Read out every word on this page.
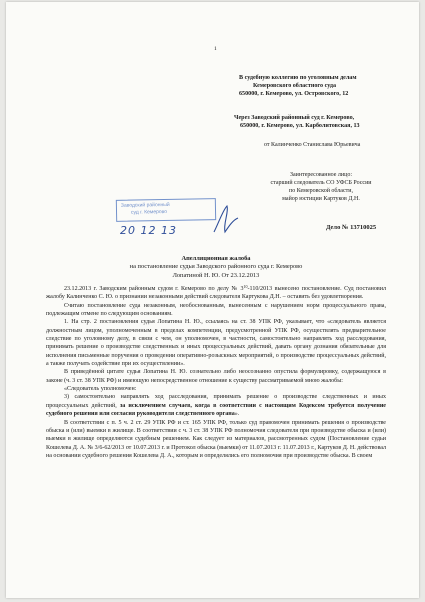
1
В судебную коллегию по уголовным делам
Кемеровского областного суда
650000, г. Кемерово, ул. Островского, 12
Через Заводский районный суд г. Кемерово,
650000, г. Кемерово, ул. Карболитовская, 13
от Калинченко Станислава Юрьевича
Заинтересованное лицо:
старший следователь СО УФСБ России
по Кемеровской области,
майор юстиции Картуков Д.Н.
Заводский районный
суд г. Кемерово
20 12 13	Дело № 13710025
Апелляционная жалоба
на постановление судьи Заводского районного суда г. Кемерово
Лопатиной Н. Ю. От 23.12.2013

23.12.2013 г. Заводским районным судом г. Кемерово по делу № $3^{10}-110/2013$ вынесено постановление. Суд постановил жалобу Калинченко С. Ю. о признании незаконными действий следователя Картукова Д.Н. – оставить без удовлетворения.

Считаю постановление суда незаконным, необоснованным, вынесенным с нарушением норм процессуального права, подлежащим отмене по следующим основаниям.

1. На стр. 2 постановления судья Лопатина Н. Ю., ссылаясь на ст. 38 УПК РФ, указывает, что «следователь является должностным лицом, уполномоченным в пределах компетенции, предусмотренной УПК РФ, осуществлять предварительное следствие по уголовному делу, в связи с чем, он уполномочен, в частности, самостоятельно направлять ход расследования, принимать решение о производстве следственных и иных процессуальных действий, давать органу дознания обязательные для исполнения письменные поручения о проведении оперативно-розыскных мероприятий, о производстве процессуальных действий, а также получать содействие при их осуществлении».

В приведённой цитате судья Лопатина Н. Ю. сознательно либо неосознанно опустила формулировку, содержащуюся в законе (ч. 3 ст. 38 УПК РФ) и имеющую непосредственное отношение к существу рассматриваемой мною жалобы:

«Следователь уполномочен:

3) самостоятельно направлять ход расследования, принимать решение о производстве следственных и иных процессуальных действий, за исключением случаев, когда в соответствии с настоящим Кодексом требуется получение судебного решения или согласия руководителя следственного органа».

В соответствии с п. 5 ч. 2 ст. 29 УПК РФ и ст. 165 УПК РФ, только суд правомочен принимать решения о производстве обыска и (или) выемки в жилище. В соответствии с ч. 3 ст. 38 УПК РФ полномочия следователя при производстве обыска и (или) выемки в жилище определяются судебным решением. Как следует из материалов, рассмотренных судом (Постановление судьи Кошелева Д. А. № 3/6-62/2013 от 10.07.2013 г. и Протокол обыска (выемки) от 11.07.2013 г. 11.07.2013 г., Картуков Д. Н. действовал на основании судебного решения Кошелева Д. А., которым и определялись его полномочия при производстве обыска. В своем
